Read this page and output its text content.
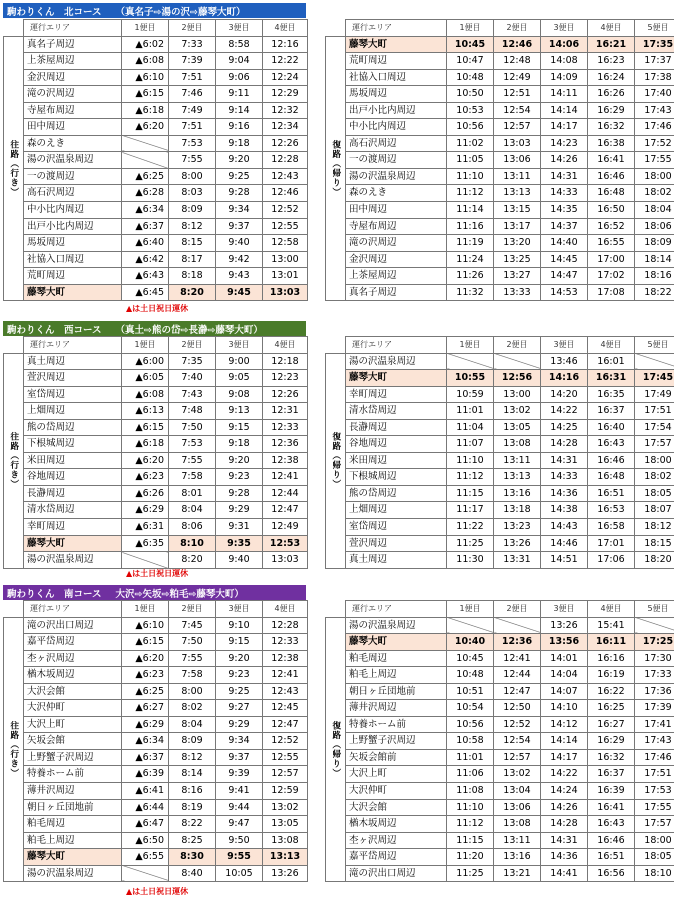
駒わりくん　北コース （真名子⇨湯の沢⇨藤琴大町）
駒わりくん　西コース （真土⇨熊の岱⇨長瀞⇨藤琴大町）
駒わりくん　南コース 大沢⇨矢坂⇨粕毛⇨藤琴大町）
	運行エリア	1便目	2便目	3便目	4便目
往路（行き）	真名子周辺	▲6:02	7:33	8:58	12:16
	上茶屋周辺	▲6:08	7:39	9:04	12:22
	金沢周辺	▲6:10	7:51	9:06	12:24
	滝の沢周辺	▲6:15	7:46	9:11	12:29
	寺屋布周辺	▲6:18	7:49	9:14	12:32
	田中周辺	▲6:20	7:51	9:16	12:34
	森のえき		7:53	9:18	12:26
	湯の沢温泉周辺		7:55	9:20	12:28
	一の渡周辺	▲6:25	8:00	9:25	12:43
	高石沢周辺	▲6:28	8:03	9:28	12:46
	中小比内周辺	▲6:34	8:09	9:34	12:52
	出戸小比内周辺	▲6:37	8:12	9:37	12:55
	馬坂周辺	▲6:40	8:15	9:40	12:58
	社協入口周辺	▲6:42	8:17	9:42	13:00
	荒町周辺	▲6:43	8:18	9:43	13:01
	藤琴大町	▲6:45	8:20	9:45	13:03
	運行エリア	1便目	2便目	3便目	4便目	5便目
復路（帰り）	藤琴大町	10:45	12:46	14:06	16:21	17:35
	荒町周辺	10:47	12:48	14:08	16:23	17:37
	社協入口周辺	10:48	12:49	14:09	16:24	17:38
	馬坂周辺	10:50	12:51	14:11	16:26	17:40
	出戸小比内周辺	10:53	12:54	14:14	16:29	17:43
	中小比内周辺	10:56	12:57	14:17	16:32	17:46
	高石沢周辺	11:02	13:03	14:23	16:38	17:52
	一の渡周辺	11:05	13:06	14:26	16:41	17:55
	湯の沢温泉周辺	11:10	13:11	14:31	16:46	18:00
	森のえき	11:12	13:13	14:33	16:48	18:02
	田中周辺	11:14	13:15	14:35	16:50	18:04
	寺屋布周辺	11:16	13:17	14:37	16:52	18:06
	滝の沢周辺	11:19	13:20	14:40	16:55	18:09
	金沢周辺	11:24	13:25	14:45	17:00	18:14
	上茶屋周辺	11:26	13:27	14:47	17:02	18:16
	真名子周辺	11:32	13:33	14:53	17:08	18:22
	運行エリア	1便目	2便目	3便目	4便目
往路（行き）	真土周辺	▲6:00	7:35	9:00	12:18
	萱沢周辺	▲6:05	7:40	9:05	12:23
	室岱周辺	▲6:08	7:43	9:08	12:26
	上畑周辺	▲6:13	7:48	9:13	12:31
	熊の岱周辺	▲6:15	7:50	9:15	12:33
	下根城周辺	▲6:18	7:53	9:18	12:36
	米田周辺	▲6:20	7:55	9:20	12:38
	谷地周辺	▲6:23	7:58	9:23	12:41
	長瀞周辺	▲6:26	8:01	9:28	12:44
	清水岱周辺	▲6:29	8:04	9:29	12:47
	幸町周辺	▲6:31	8:06	9:31	12:49
	藤琴大町	▲6:35	8:10	9:35	12:53
	湯の沢温泉周辺		8:20	9:40	13:03
	運行エリア	1便目	2便目	3便目	4便目	5便目
復路（帰り）	湯の沢温泉周辺			13:46	16:01	
	藤琴大町	10:55	12:56	14:16	16:31	17:45
	幸町周辺	10:59	13:00	14:20	16:35	17:49
	清水岱周辺	11:01	13:02	14:22	16:37	17:51
	長瀞周辺	11:04	13:05	14:25	16:40	17:54
	谷地周辺	11:07	13:08	14:28	16:43	17:57
	米田周辺	11:10	13:11	14:31	16:46	18:00
	下根城周辺	11:12	13:13	14:33	16:48	18:02
	熊の岱周辺	11:15	13:16	14:36	16:51	18:05
	上畑周辺	11:17	13:18	14:38	16:53	18:07
	室岱周辺	11:22	13:23	14:43	16:58	18:12
	萱沢周辺	11:25	13:26	14:46	17:01	18:15
	真土周辺	11:30	13:31	14:51	17:06	18:20
	運行エリア	1便目	2便目	3便目	4便目
往路（行き）	滝の沢出口周辺	▲6:10	7:45	9:10	12:28
	嘉平岱周辺	▲6:15	7:50	9:15	12:33
	杢ヶ沢周辺	▲6:20	7:55	9:20	12:38
	楢木坂周辺	▲6:23	7:58	9:23	12:41
	大沢会館	▲6:25	8:00	9:25	12:43
	大沢仲町	▲6:27	8:02	9:27	12:45
	大沢上町	▲6:29	8:04	9:29	12:47
	矢坂会館	▲6:34	8:09	9:34	12:52
	上野蟹子沢周辺	▲6:37	8:12	9:37	12:55
	特養ホーム前	▲6:39	8:14	9:39	12:57
	薄井沢周辺	▲6:41	8:16	9:41	12:59
	朝日ヶ丘団地前	▲6:44	8:19	9:44	13:02
	粕毛周辺	▲6:47	8:22	9:47	13:05
	粕毛上周辺	▲6:50	8:25	9:50	13:08
	藤琴大町	▲6:55	8:30	9:55	13:13
	湯の沢温泉周辺		8:40	10:05	13:26
	運行エリア	1便目	2便目	3便目	4便目	5便目
復路（帰り）	湯の沢温泉周辺			13:26	15:41	
	藤琴大町	10:40	12:36	13:56	16:11	17:25
	粕毛周辺	10:45	12:41	14:01	16:16	17:30
	粕毛上周辺	10:48	12:44	14:04	16:19	17:33
	朝日ヶ丘団地前	10:51	12:47	14:07	16:22	17:36
	薄井沢周辺	10:54	12:50	14:10	16:25	17:39
	特養ホーム前	10:56	12:52	14:12	16:27	17:41
	上野蟹子沢周辺	10:58	12:54	14:14	16:29	17:43
	矢坂会館前	11:01	12:57	14:17	16:32	17:46
	大沢上町	11:06	13:02	14:22	16:37	17:51
	大沢仲町	11:08	13:04	14:24	16:39	17:53
	大沢会館	11:10	13:06	14:26	16:41	17:55
	楢木坂周辺	11:12	13:08	14:28	16:43	17:57
	杢ヶ沢周辺	11:15	13:11	14:31	16:46	18:00
	嘉平岱周辺	11:20	13:16	14:36	16:51	18:05
	滝の沢出口周辺	11:25	13:21	14:41	16:56	18:10
▲は土日祝日運休
▲は土日祝日運休
▲は土日祝日運休
